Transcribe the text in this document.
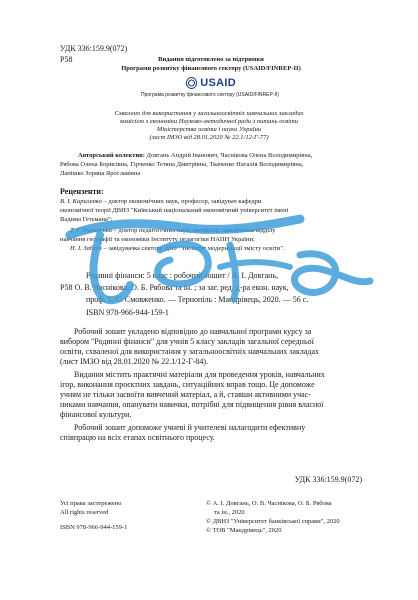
УДК 336:159.9(072)
Р58	Видання підготовлено за підтримки
Програми розвитку фінансового сектору (USAID/FINREP-II)
USAID
Програма розвитку фінансового сектору (USAID/FINREP-II)
Схвалено для використання у загальноосвітніх навчальних закладах
комісією з економіки Науково-методичної ради з питань освіти
Міністерства освіти і науки України
(лист ІМЗО від 28.01.2020 № 22.1/12-Г-77)
Авторський колектив: Довгань Андрій Іванович, Часнікова Олена Володимирівна,
Рябова Олена Борисівна, Гірченко Тетяна Дмитрівна, Ткаченко Наталія Володимирівна,
Лапішко Зоряна Ярославівна
Рецензенти:
В. І. Кириленко – доктор економічних наук, професор, завідувач кафедри
економічної теорії ДВНЗ "Київський національний економічний університет імені
Вадима Гетьмана";
Т. Г. Назаренко – доктор педагогічних наук, професор, завідувачка відділу
навчання географії та економіки Інституту педагогіки НАПН України;
Н. І. Забєга – завідувачка сектору ДНУ "Інститут модернізації змісту освіти".
Родинні фінанси: 5 клас : робочий зошит / А. І. Довгань,
Р58 О. В. Часнікова, О. Б. Рябова та ін. ; за заг. ред. д-ра екон. наук,
проф. Т. С. Смовженко. — Тернопіль : Мандрівець, 2020. — 56 с.
ISBN 978-966-944-159-1
Робочий зошит укладено відповідно до навчальної програми курсу за
вибором "Родинні фінанси" для учнів 5 класу закладів загальної середньої
освіти, схваленої для використання у загальноосвітніх навчальних закладах
(лист ІМЗО від 28.01.2020 № 22.1/12-Г-84).
Видання містить практичні матеріали для проведення уроків, навчальних
ігор, виконання проєктних завдань, ситуаційних вправ тощо. Це допоможе
учням не тільки засвоїти вивчений матеріал, а й, ставши активними учас-
никами навчання, опанувати навички, потрібні для підвищення рівня власної
фінансової культури.
Робочий зошит допоможе учневі й учителеві налагодити ефективну
співпрацю на всіх етапах освітнього процесу.
УДК 336:159.9(072)
Усі права застережено
All rights reserved
ISBN 978-966-944-159-1
© А. І. Довгань, О. В. Часнікова, О. Б. Рябова
та ін., 2020
© ДВНЗ "Університет банківської справи", 2020
© ТОВ "Мандрівець", 2020
